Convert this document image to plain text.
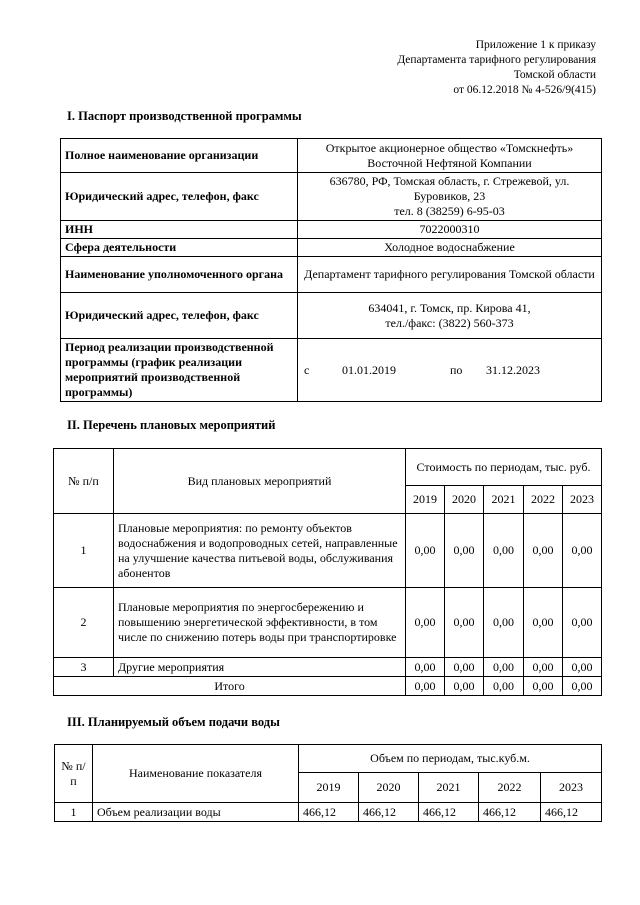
Приложение 1 к приказу
Департамента тарифного регулирования
Томской области
от 06.12.2018 № 4-526/9(415)
I. Паспорт производственной программы
Полное наименование организации	Открытое акционерное общество «Томскнефть» Восточной Нефтяной Компании
Юридический адрес, телефон, факс	636780, РФ, Томская область, г. Стрежевой, ул. Буровиков, 23
тел. 8 (38259) 6-95-03

ИНН	7022000310
Сфера деятельности	Холодное водоснабжение
Наименование уполномоченного органа	Департамент тарифного регулирования Томской области
Юридический адрес, телефон, факс	634041, г. Томск, пр. Кирова 41,
тел./факс: (3822) 560-373

Период реализации производственной программы (график реализации мероприятий производственной программы)	с 01.01.2019 по 31.12.2023
II. Перечень плановых мероприятий
№ п/п	Вид плановых мероприятий	Стоимость по периодам, тыс. руб.				
		2019	2020	2021	2022	2023
1	Плановые мероприятия: по ремонту объектов водоснабжения и водопроводных сетей, направленные на улучшение качества питьевой воды, обслуживания абонентов	0,00	0,00	0,00	0,00	0,00
2	Плановые мероприятия по энергосбережению и повышению энергетической эффективности, в том числе по снижению потерь воды при транспортировке	0,00	0,00	0,00	0,00	0,00
3	Другие мероприятия	0,00	0,00	0,00	0,00	0,00
Итого		0,00	0,00	0,00	0,00	0,00
III. Планируемый объем подачи воды
№ п/п	Наименование показателя	Объем по периодам, тыс.куб.м.				
		2019	2020	2021	2022	2023
1	Объем реализации воды	466,12	466,12	466,12	466,12	466,12
